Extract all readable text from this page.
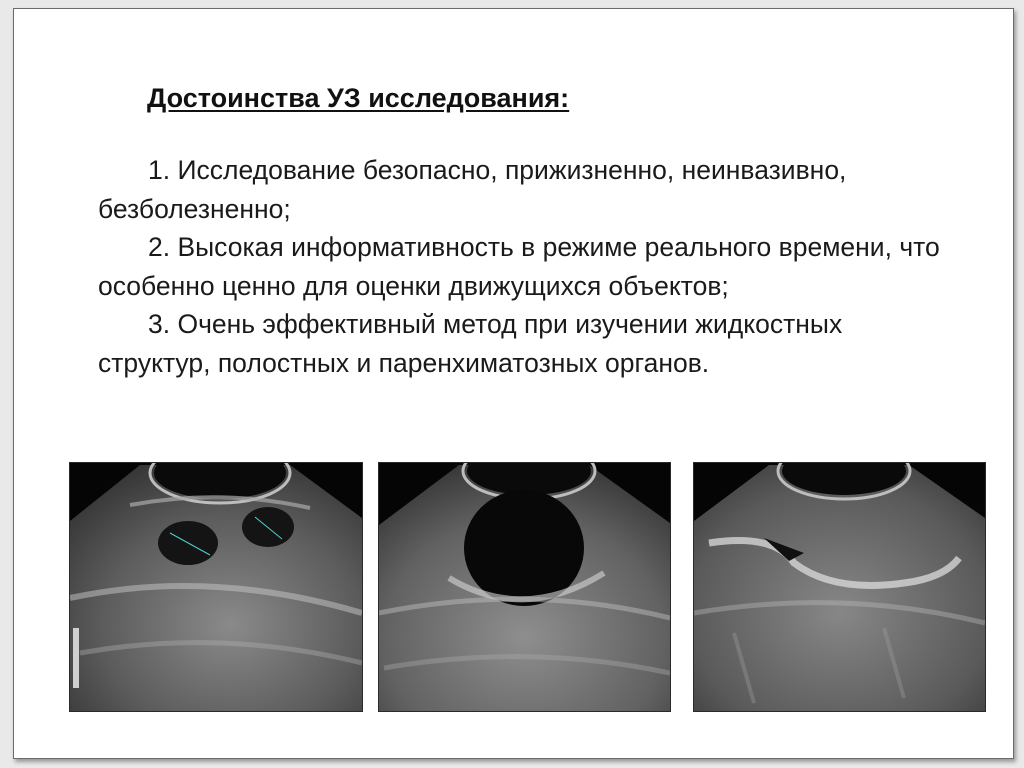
Достоинства УЗ исследования:

1. Исследование безопасно, прижизненно, неинвазивно, безболезненно;

2. Высокая информативность в режиме реального времени, что особенно ценно для оценки движущихся объектов;

3. Очень эффективный метод при изучении жидкостных структур, полостных и паренхиматозных органов.
